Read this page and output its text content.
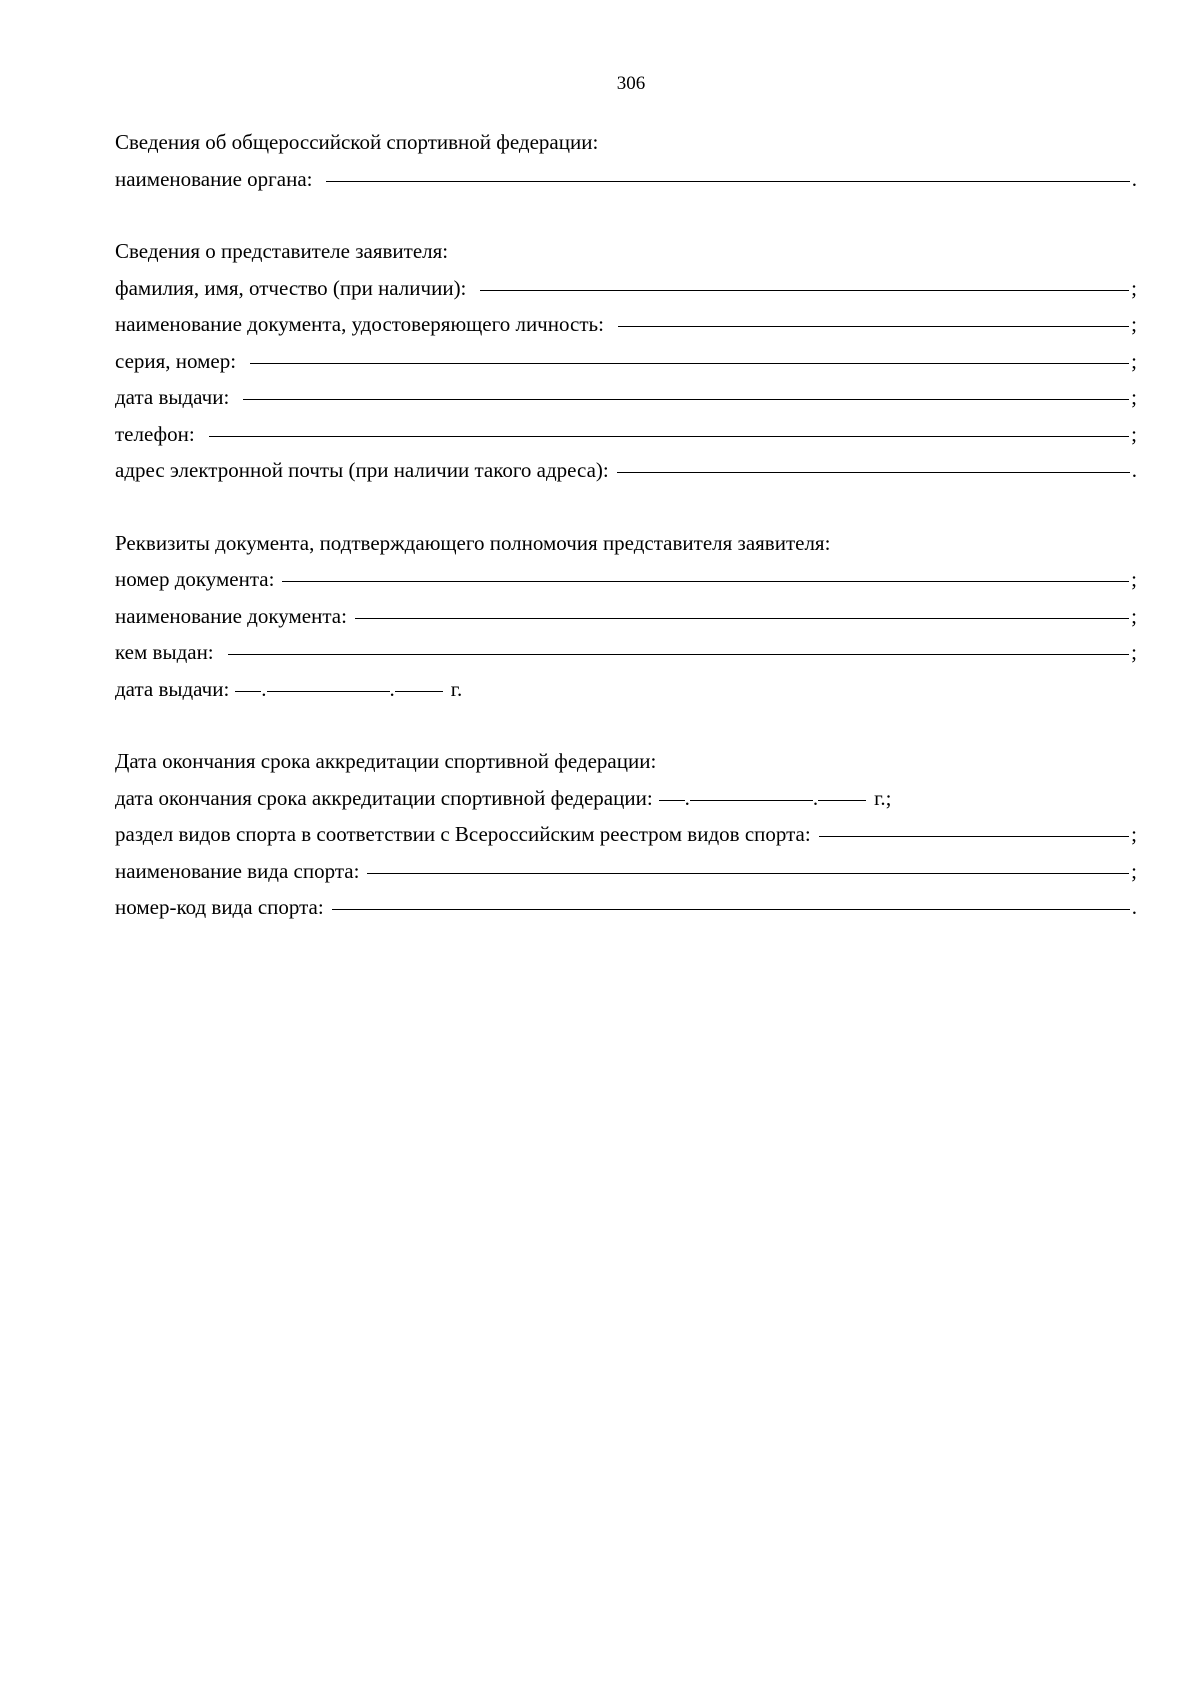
306
Сведения об общероссийской спортивной федерации:
наименование органа:	.
Сведения о представителе заявителя:
фамилия, имя, отчество (при наличии):	;
наименование документа, удостоверяющего личность:	;
серия, номер:	;
дата выдачи:	;
телефон:	;
адрес электронной почты (при наличии такого адреса):	.
Реквизиты документа, подтверждающего полномочия представителя заявителя:
номер документа:	;
наименование документа:	;
кем выдан:	;
дата выдачи: .	.	г.
Дата окончания срока аккредитации спортивной федерации:
дата окончания срока аккредитации спортивной федерации: .	.	г.;
раздел видов спорта в соответствии с Всероссийским реестром видов спорта:	;
наименование вида спорта:	;
номер-код вида спорта:	.
